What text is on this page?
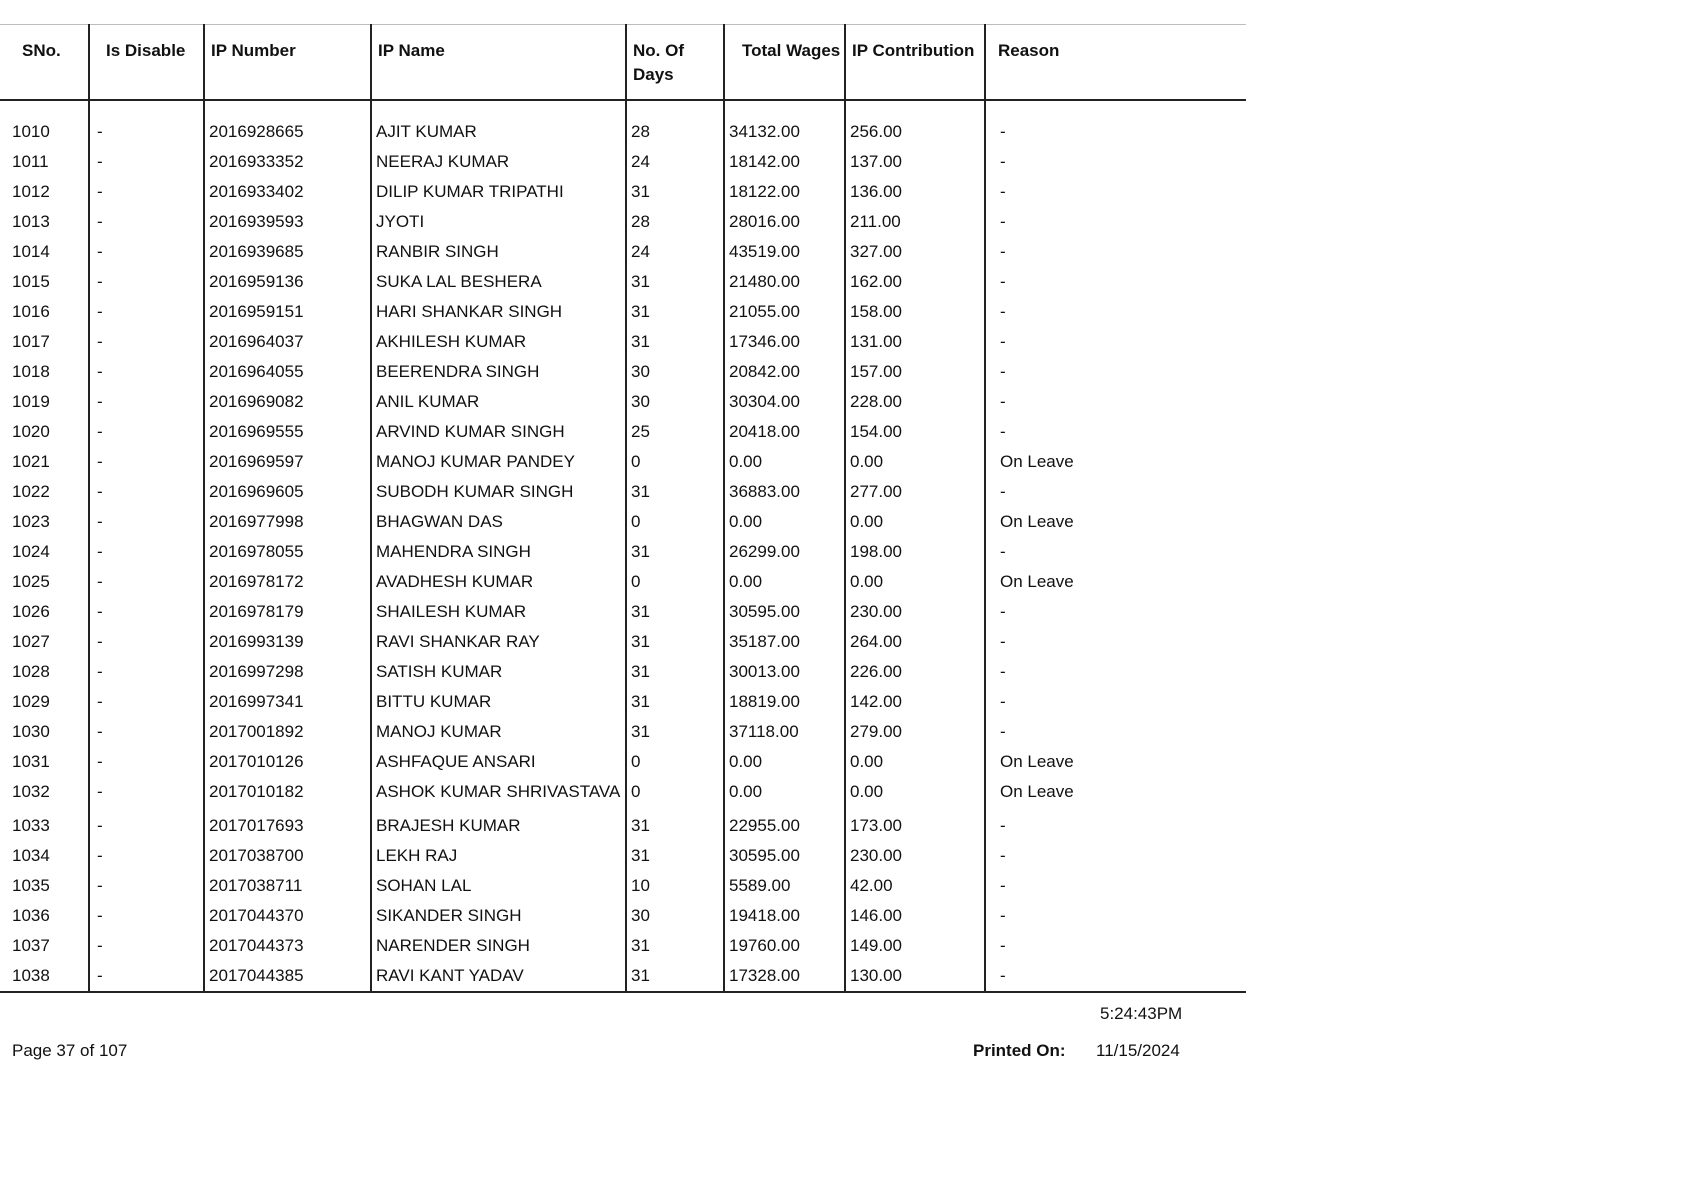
SNo.	Is Disable	IP Number	IP Name	No. Of Days	Total Wages	IP Contribution	Reason

1010	-	2016928665	AJIT KUMAR	28	34132.00	256.00	-
1011	-	2016933352	NEERAJ KUMAR	24	18142.00	137.00	-
1012	-	2016933402	DILIP KUMAR TRIPATHI	31	18122.00	136.00	-
1013	-	2016939593	JYOTI	28	28016.00	211.00	-
1014	-	2016939685	RANBIR SINGH	24	43519.00	327.00	-
1015	-	2016959136	SUKA LAL BESHERA	31	21480.00	162.00	-
1016	-	2016959151	HARI SHANKAR SINGH	31	21055.00	158.00	-
1017	-	2016964037	AKHILESH KUMAR	31	17346.00	131.00	-
1018	-	2016964055	BEERENDRA SINGH	30	20842.00	157.00	-
1019	-	2016969082	ANIL KUMAR	30	30304.00	228.00	-
1020	-	2016969555	ARVIND KUMAR SINGH	25	20418.00	154.00	-
1021	-	2016969597	MANOJ KUMAR PANDEY	0	0.00	0.00	On Leave
1022	-	2016969605	SUBODH KUMAR SINGH	31	36883.00	277.00	-
1023	-	2016977998	BHAGWAN DAS	0	0.00	0.00	On Leave
1024	-	2016978055	MAHENDRA SINGH	31	26299.00	198.00	-
1025	-	2016978172	AVADHESH KUMAR	0	0.00	0.00	On Leave
1026	-	2016978179	SHAILESH KUMAR	31	30595.00	230.00	-
1027	-	2016993139	RAVI SHANKAR RAY	31	35187.00	264.00	-
1028	-	2016997298	SATISH KUMAR	31	30013.00	226.00	-
1029	-	2016997341	BITTU KUMAR	31	18819.00	142.00	-
1030	-	2017001892	MANOJ KUMAR	31	37118.00	279.00	-
1031	-	2017010126	ASHFAQUE ANSARI	0	0.00	0.00	On Leave
1032	-	2017010182	ASHOK KUMAR SHRIVASTAVA	0	0.00	0.00	On Leave
1033	-	2017017693	BRAJESH KUMAR	31	22955.00	173.00	-
1034	-	2017038700	LEKH RAJ	31	30595.00	230.00	-
1035	-	2017038711	SOHAN LAL	10	5589.00	42.00	-
1036	-	2017044370	SIKANDER SINGH	30	19418.00	146.00	-
1037	-	2017044373	NARENDER SINGH	31	19760.00	149.00	-
1038	-	2017044385	RAVI KANT YADAV	31	17328.00	130.00	-
5:24:43PM
Page 37 of 107	Printed On: 11/15/2024
